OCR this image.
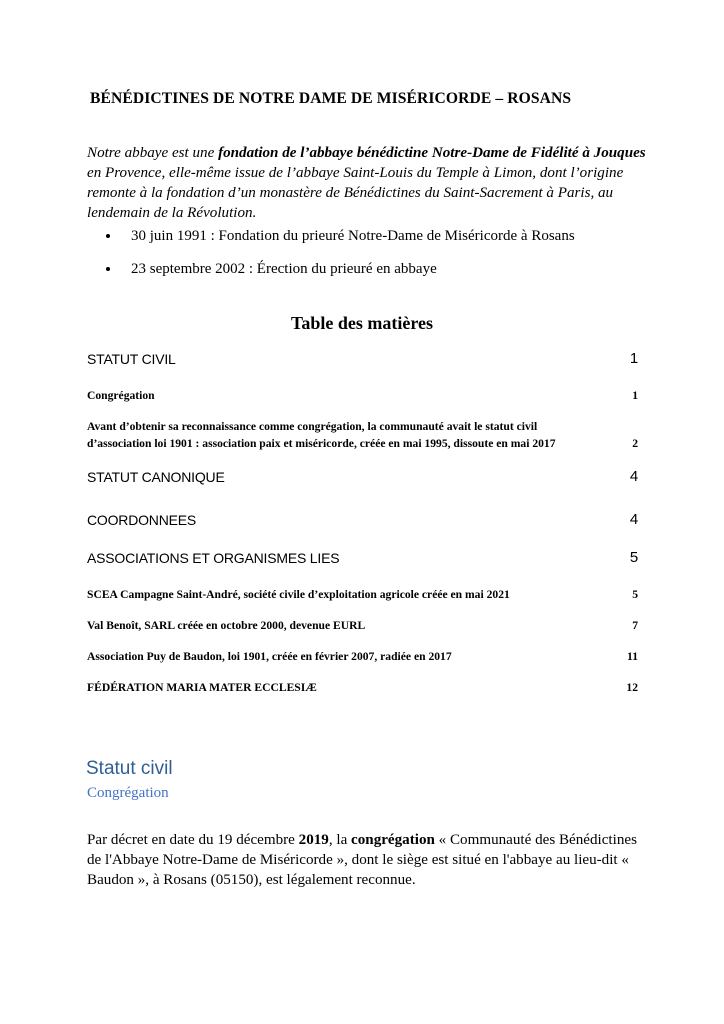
BÉNÉDICTINES DE NOTRE DAME DE MISÉRICORDE – ROSANS
Notre abbaye est une fondation de l’abbaye bénédictine Notre-Dame de Fidélité à Jouques en Provence, elle-même issue de l’abbaye Saint-Louis du Temple à Limon, dont l’origine remonte à la fondation d’un monastère de Bénédictines du Saint-Sacrement à Paris, au lendemain de la Révolution.
30 juin 1991 : Fondation du prieuré Notre-Dame de Miséricorde à Rosans
23 septembre 2002 : Érection du prieuré en abbaye
Table des matières
STATUT CIVIL	1
Congrégation	1
Avant d’obtenir sa reconnaissance comme congrégation, la communauté avait le statut civil d’association loi 1901 : association paix et miséricorde, créée en mai 1995, dissoute en mai 2017	2
STATUT CANONIQUE	4
COORDONNEES	4
ASSOCIATIONS ET ORGANISMES LIES	5
SCEA Campagne Saint-André, société civile d’exploitation agricole créée en mai 2021	5
Val Benoît, SARL créée en octobre 2000, devenue EURL	7
Association Puy de Baudon, loi 1901, créée en février 2007, radiée en 2017	11
FÉDÉRATION MARIA MATER ECCLESIÆ	12
Statut civil
Congrégation
Par décret en date du 19 décembre 2019, la congrégation « Communauté des Bénédictines de l'Abbaye Notre-Dame de Miséricorde », dont le siège est situé en l'abbaye au lieu-dit « Baudon », à Rosans (05150), est légalement reconnue.
